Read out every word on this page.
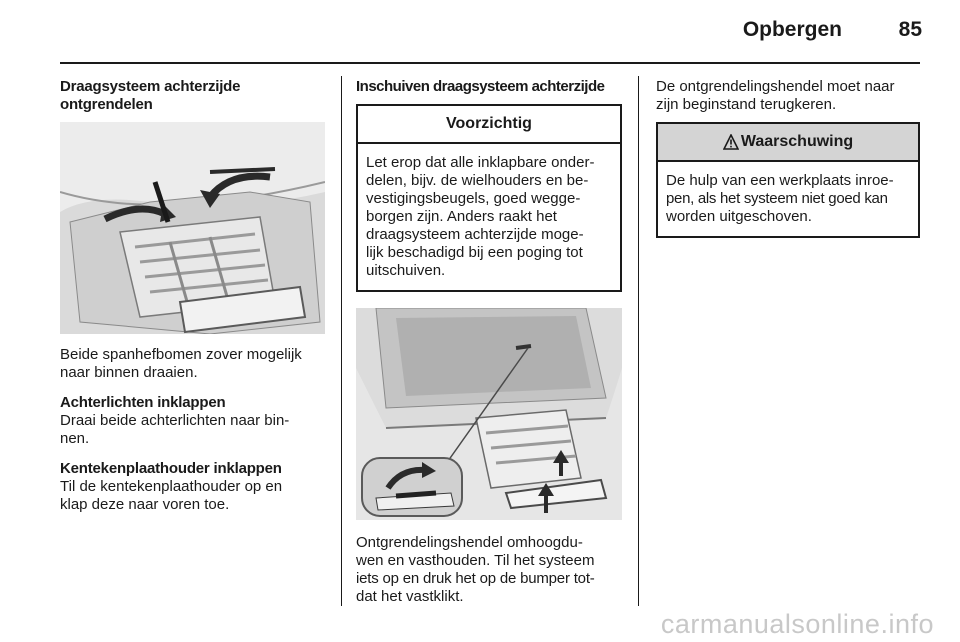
Opbergen	85
Draagsysteem achterzijde
ontgrendelen
Beide spanhefbomen zover mogelijk
naar binnen draaien.
Achterlichten inklappen
Draai beide achterlichten naar bin-
nen.
Kentekenplaathouder inklappen
Til de kentekenplaathouder op en
klap deze naar voren toe.
Inschuiven draagsysteem achterzijde
Voorzichtig
Let erop dat alle inklapbare onder-
delen, bijv. de wielhouders en be-
vestigingsbeugels, goed wegge-
borgen zijn. Anders raakt het
draagsysteem achterzijde moge-
lijk beschadigd bij een poging tot
uitschuiven.
Ontgrendelingshendel omhoogdu-
wen en vasthouden. Til het systeem
iets op en druk het op de bumper tot-
dat het vastklikt.
De ontgrendelingshendel moet naar
zijn beginstand terugkeren.
Waarschuwing
De hulp van een werkplaats inroe-
pen, als het systeem niet goed kan
worden uitgeschoven.
carmanualsonline.info
